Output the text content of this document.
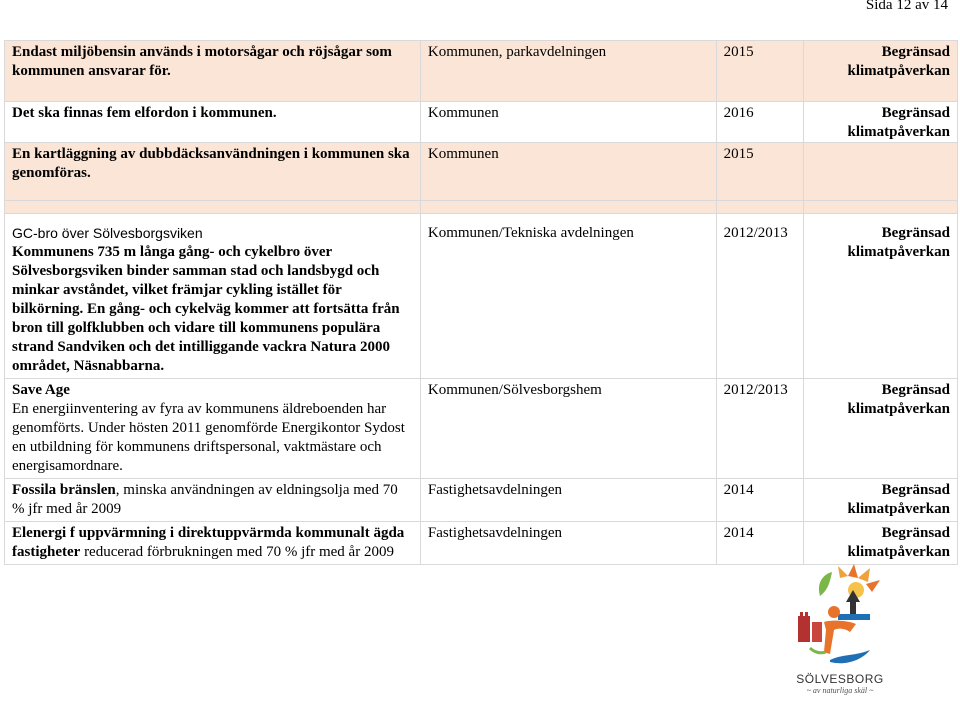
Sida 12 av 14
Endast miljöbensin används i motorsågar och röjsågar som kommunen ansvarar för.	Kommunen, parkavdelningen	2015	Begränsad klimatpåverkan
Det ska finnas fem elfordon i kommunen.	Kommunen	2016	Begränsad klimatpåverkan
En kartläggning av dubbdäcksanvändningen i kommunen ska genomföras.	Kommunen	2015	

GC-bro över Sölvesborgsviken
Kommunens 735 m långa gång- och cykelbro över Sölvesborgsviken binder samman stad och landsbygd och minkar avståndet, vilket främjar cykling istället för bilkörning. En gång- och cykelväg kommer att fortsätta från bron till golfklubben och vidare till kommunens populära strand Sandviken och det intilliggande vackra Natura 2000 området, Näsnabbarna.	Kommunen/Tekniska avdelningen	2012/2013	Begränsad klimatpåverkan

Save Age
En energiinventering av fyra av kommunens äldreboenden har genomförts. Under hösten 2011 genomförde Energikontor Sydost en utbildning för kommunens driftspersonal, vaktmästare och energisamordnare.	Kommunen/Sölvesborgshem	2012/2013	Begränsad klimatpåverkan
Fossila bränslen, minska användningen av eldningsolja med 70 % jfr med år 2009	Fastighetsavdelningen	2014	Begränsad klimatpåverkan
Elenergi f uppvärmning i direktuppvärmda kommunalt ägda fastigheter reducerad förbrukningen med 70 % jfr med år 2009	Fastighetsavdelningen	2014	Begränsad klimatpåverkan
SÖLVESBORG
~ av naturliga skäl ~
